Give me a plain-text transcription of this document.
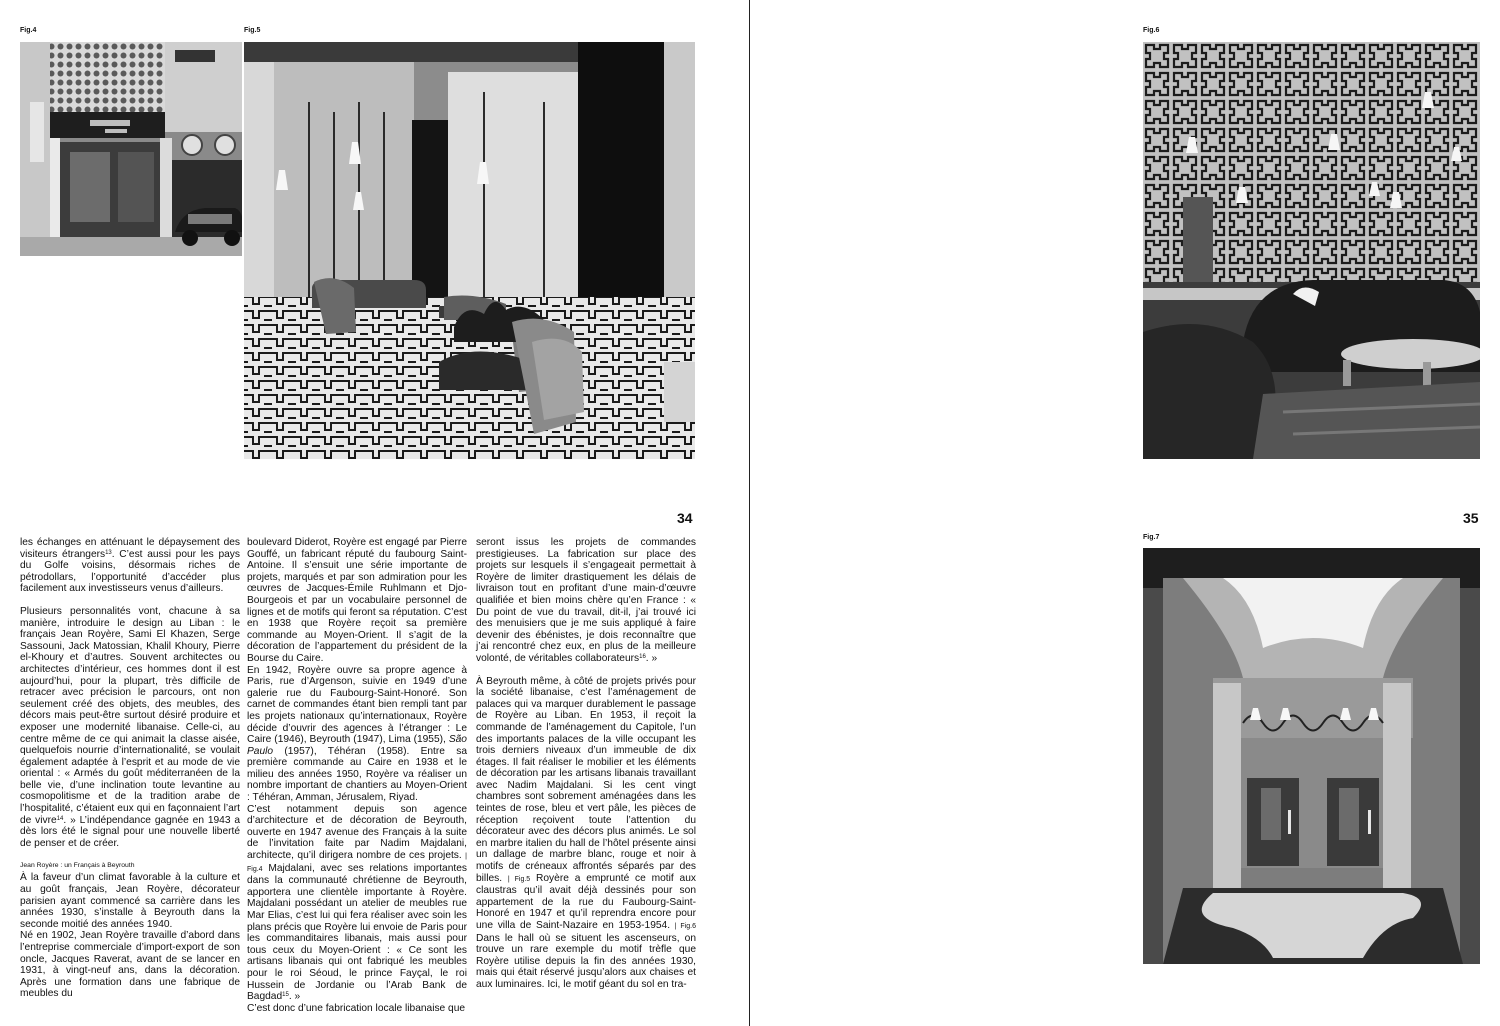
Fig.4	Fig.5	Fig.6
Fig.7
34	35

les échanges en atténuant le dépaysement des visiteurs étrangers$^{13}$. C’est aussi pour les pays du Golfe voisins, désormais riches de pétrodollars, l’opportunité d’accéder plus facilement aux investisseurs venus d’ailleurs.

Plusieurs personnalités vont, chacune à sa manière, introduire le design au Liban : le français Jean Royère, Sami El Khazen, Serge Sassouni, Jack Matossian, Khalil Khoury, Pierre el-Khoury et d’autres. Souvent architectes ou architectes d’intérieur, ces hommes dont il est aujourd’hui, pour la plupart, très difficile de retracer avec précision le parcours, ont non seulement créé des objets, des meubles, des décors mais peut-être surtout désiré produire et exposer une modernité libanaise. Celle-ci, au centre même de ce qui animait la classe aisée, quelquefois nourrie d’internationalité, se voulait également adaptée à l’esprit et au mode de vie oriental : « Armés du goût méditerranéen de la belle vie, d’une inclination toute levantine au cosmopolitisme et de la tradition arabe de l’hospitalité, c’étaient eux qui en façonnaient l’art de vivre$^{14}$. » L’indépendance gagnée en 1943 a dès lors été le signal pour une nouvelle liberté de penser et de créer.

Jean Royère : un Français à Beyrouth

À la faveur d’un climat favorable à la culture et au goût français, Jean Royère, décorateur parisien ayant commencé sa carrière dans les années 1930, s’installe à Beyrouth dans la seconde moitié des années 1940.

Né en 1902, Jean Royère travaille d’abord dans l’entreprise commerciale d’import-export de son oncle, Jacques Raverat, avant de se lancer en 1931, à vingt-neuf ans, dans la décoration. Après une formation dans une fabrique de meubles du

boulevard Diderot, Royère est engagé par Pierre Gouffé, un fabricant réputé du faubourg Saint-Antoine. Il s’ensuit une série importante de projets, marqués et par son admiration pour les œuvres de Jacques-Émile Ruhlmann et Djo-Bourgeois et par un vocabulaire personnel de lignes et de motifs qui feront sa réputation. C’est en 1938 que Royère reçoit sa première commande au Moyen-Orient. Il s’agit de la décoration de l’appartement du président de la Bourse du Caire.

En 1942, Royère ouvre sa propre agence à Paris, rue d’Argenson, suivie en 1949 d’une galerie rue du Faubourg-Saint-Honoré. Son carnet de commandes étant bien rempli tant par les projets nationaux qu’internationaux, Royère décide d’ouvrir des agences à l’étranger : Le Caire (1946), Beyrouth (1947), Lima (1955), São Paulo (1957), Téhéran (1958). Entre sa première commande au Caire en 1938 et le milieu des années 1950, Royère va réaliser un nombre important de chantiers au Moyen-Orient : Téhéran, Amman, Jérusalem, Riyad.

C’est notamment depuis son agence d’architecture et de décoration de Beyrouth, ouverte en 1947 avenue des Français à la suite de l’invitation faite par Nadim Majdalani, architecte, qu’il dirigera nombre de ces projets. | Fig.4 Majdalani, avec ses relations importantes dans la communauté chrétienne de Beyrouth, apportera une clientèle importante à Royère. Majdalani possédant un atelier de meubles rue Mar Elias, c’est lui qui fera réaliser avec soin les plans précis que Royère lui envoie de Paris pour les commanditaires libanais, mais aussi pour tous ceux du Moyen-Orient : « Ce sont les artisans libanais qui ont fabriqué les meubles pour le roi Séoud, le prince Fayçal, le roi Hussein de Jordanie ou l’Arab Bank de Bagdad$^{15}$. »

C’est donc d’une fabrication locale libanaise que

seront issus les projets de commandes prestigieuses. La fabrication sur place des projets sur lesquels il s’engageait permettait à Royère de limiter drastiquement les délais de livraison tout en profitant d’une main-d’œuvre qualifiée et bien moins chère qu’en France : « Du point de vue du travail, dit-il, j’ai trouvé ici des menuisiers que je me suis appliqué à faire devenir des ébénistes, je dois reconnaître que j’ai rencontré chez eux, en plus de la meilleure volonté, de véritables collaborateurs$^{16}$. »

À Beyrouth même, à côté de projets privés pour la société libanaise, c’est l’aménagement de palaces qui va marquer durablement le passage de Royère au Liban. En 1953, il reçoit la commande de l’aménagement du Capitole, l’un des importants palaces de la ville occupant les trois derniers niveaux d’un immeuble de dix étages. Il fait réaliser le mobilier et les éléments de décoration par les artisans libanais travaillant avec Nadim Majdalani. Si les cent vingt chambres sont sobrement aménagées dans les teintes de rose, bleu et vert pâle, les pièces de réception reçoivent toute l’attention du décorateur avec des décors plus animés. Le sol en marbre italien du hall de l’hôtel présente ainsi un dallage de marbre blanc, rouge et noir à motifs de créneaux affrontés séparés par des billes. | Fig.5 Royère a emprunté ce motif aux claustras qu’il avait déjà dessinés pour son appartement de la rue du Faubourg-Saint-Honoré en 1947 et qu’il reprendra encore pour une villa de Saint-Nazaire en 1953-1954. | Fig.6 Dans le hall où se situent les ascenseurs, on trouve un rare exemple du motif trèfle que Royère utilise depuis la fin des années 1930, mais qui était réservé jusqu’alors aux chaises et aux luminaires. Ici, le motif géant du sol en tra-
